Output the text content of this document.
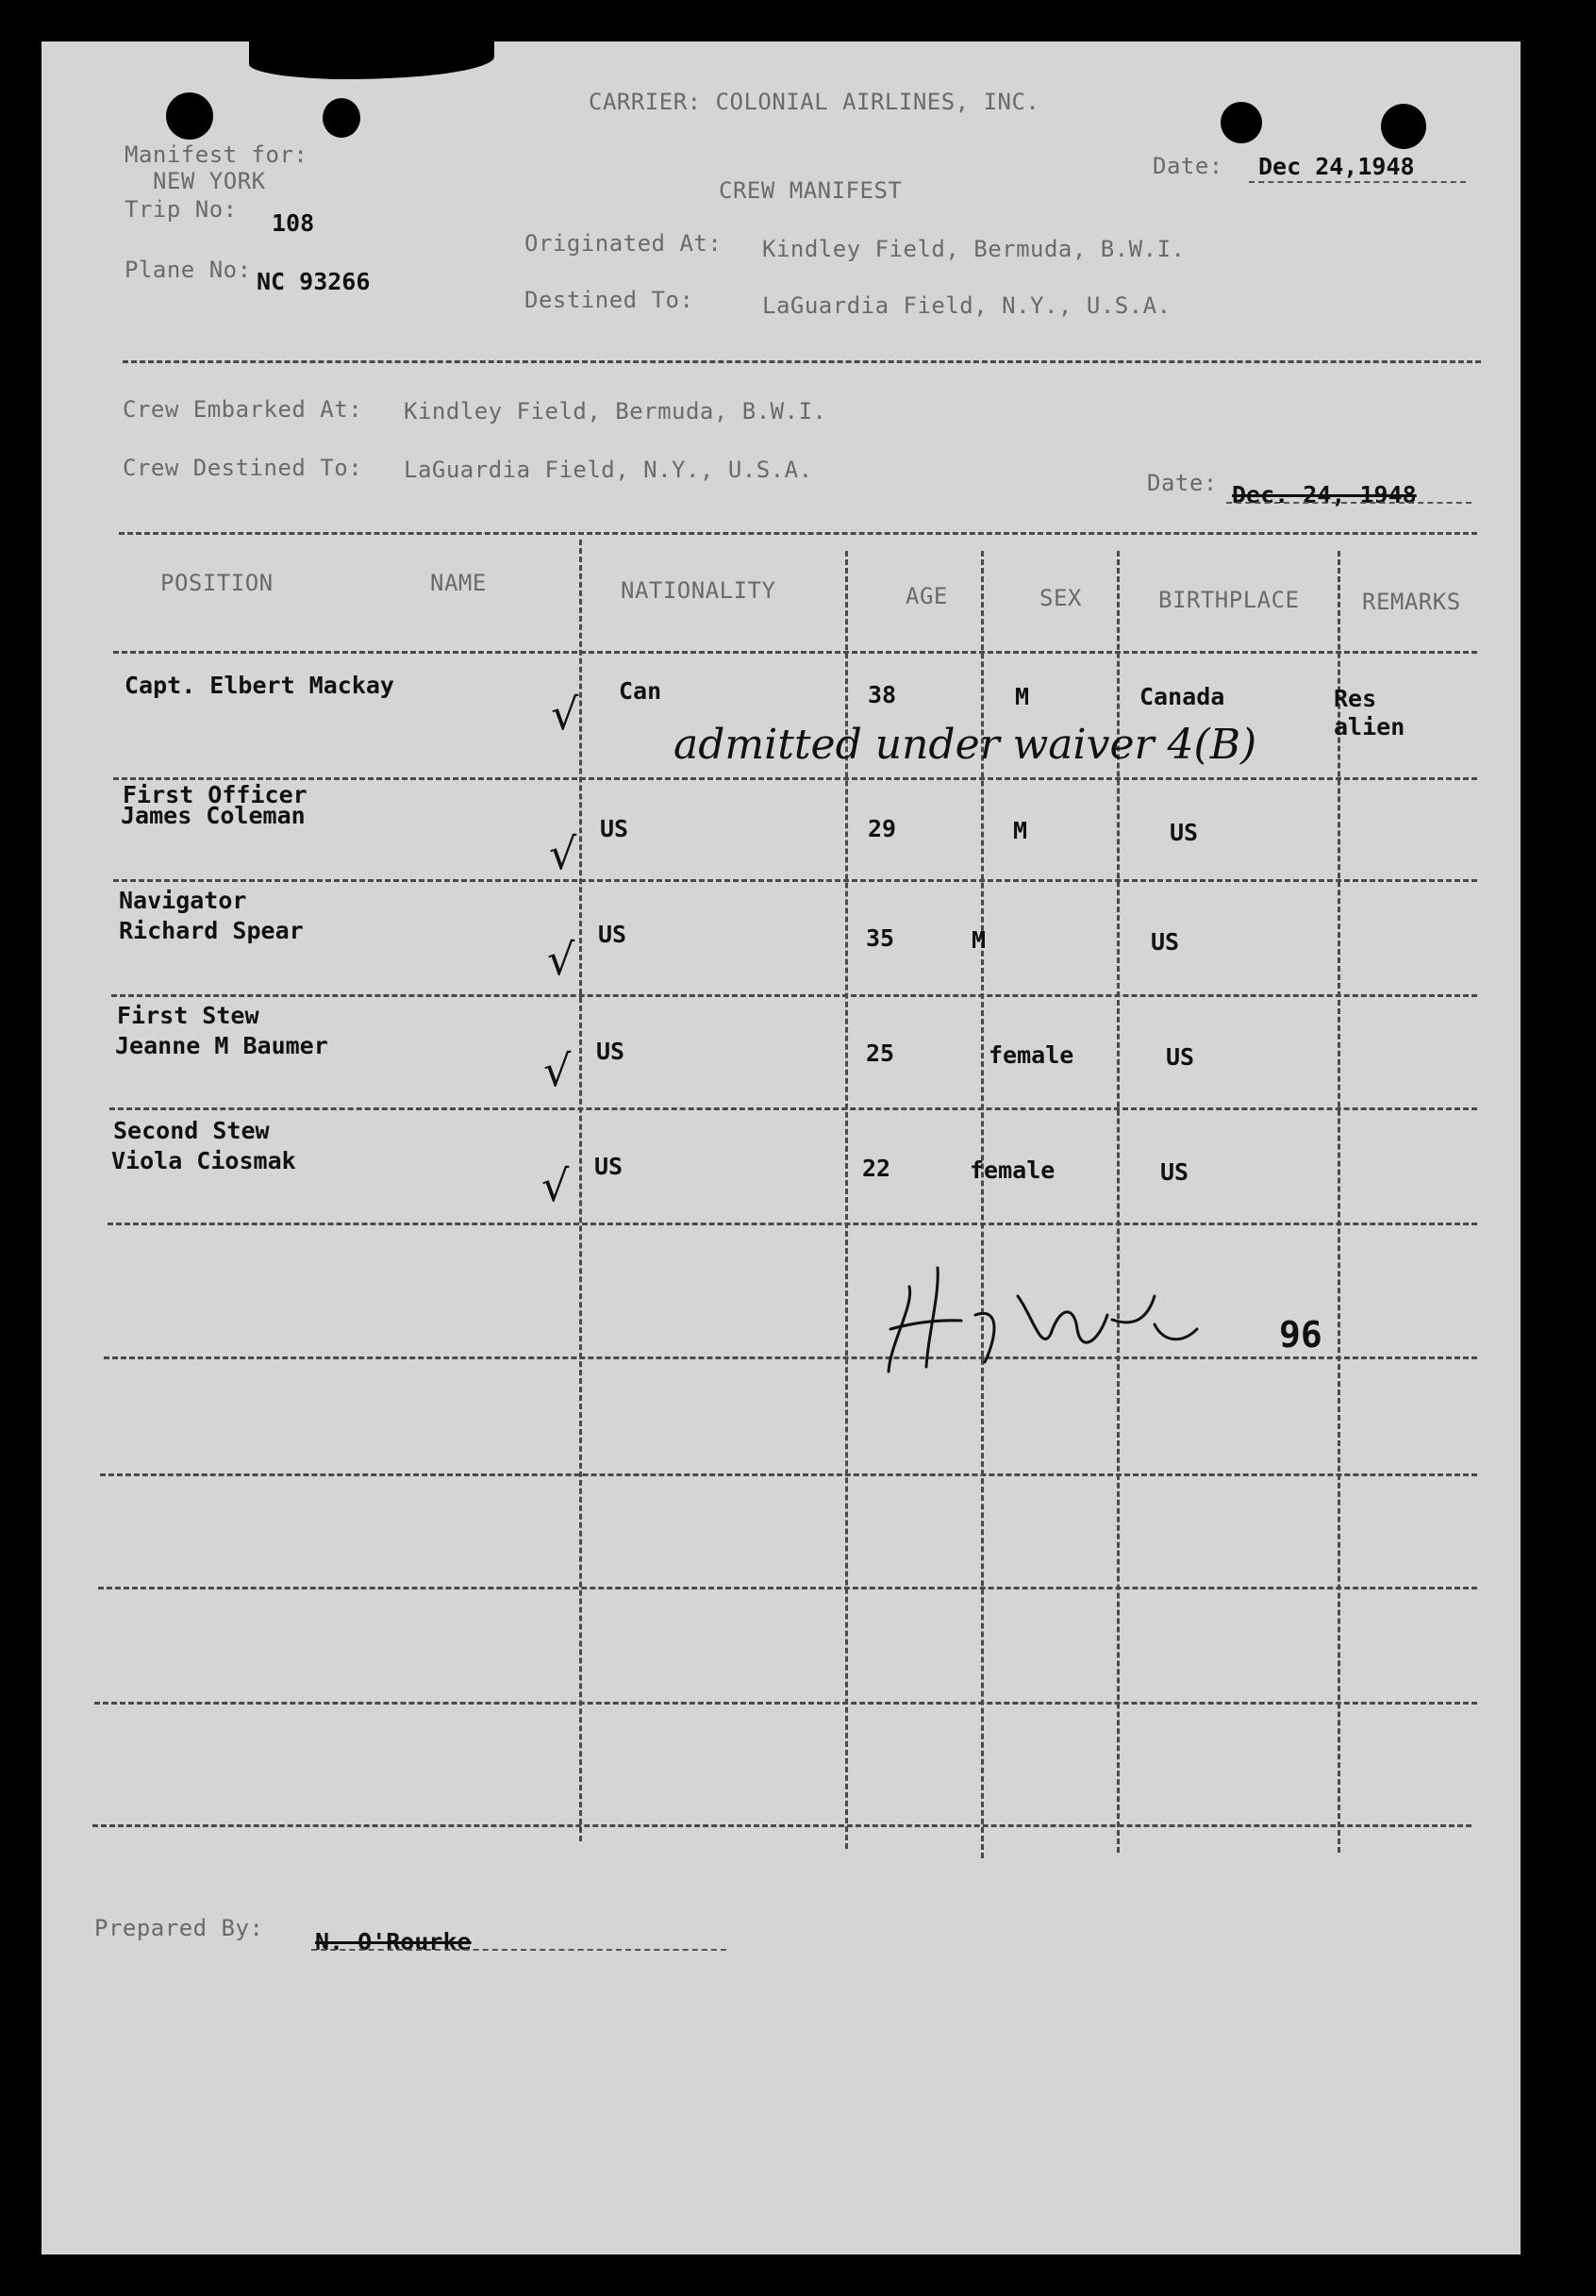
CARRIER: COLONIAL AIRLINES, INC.
Manifest for:
NEW YORK
Trip No: 108
Plane No: NC 93266
CREW MANIFEST
Date: Dec 24,1948
Originated At: Kindley Field, Bermuda, B.W.I.
Destined To:	LaGuardia Field, N.Y., U.S.A.
Crew Embarked At: Kindley Field, Bermuda, B.W.I.
Crew Destined To: LaGuardia Field, N.Y., U.S.A.	Date: Dec. 24, 1948
POSITION	NAME	NATIONALITY	AGE	SEX	BIRTHPLACE	REMARKS
Capt. Elbert Mackay
√ Can	38	M	Canada	Res
alien
admitted under waiver 4(B)
First Officer
James Coleman
√ US	29	M	US
Navigator
Richard Spear
√ US	35	M	US
First Stew
Jeanne M Baumer	√ US	25	female	US
Second Stew
Viola Ciosmak	√ US	22	female	US
96
Prepared By: N. O'Rourke
